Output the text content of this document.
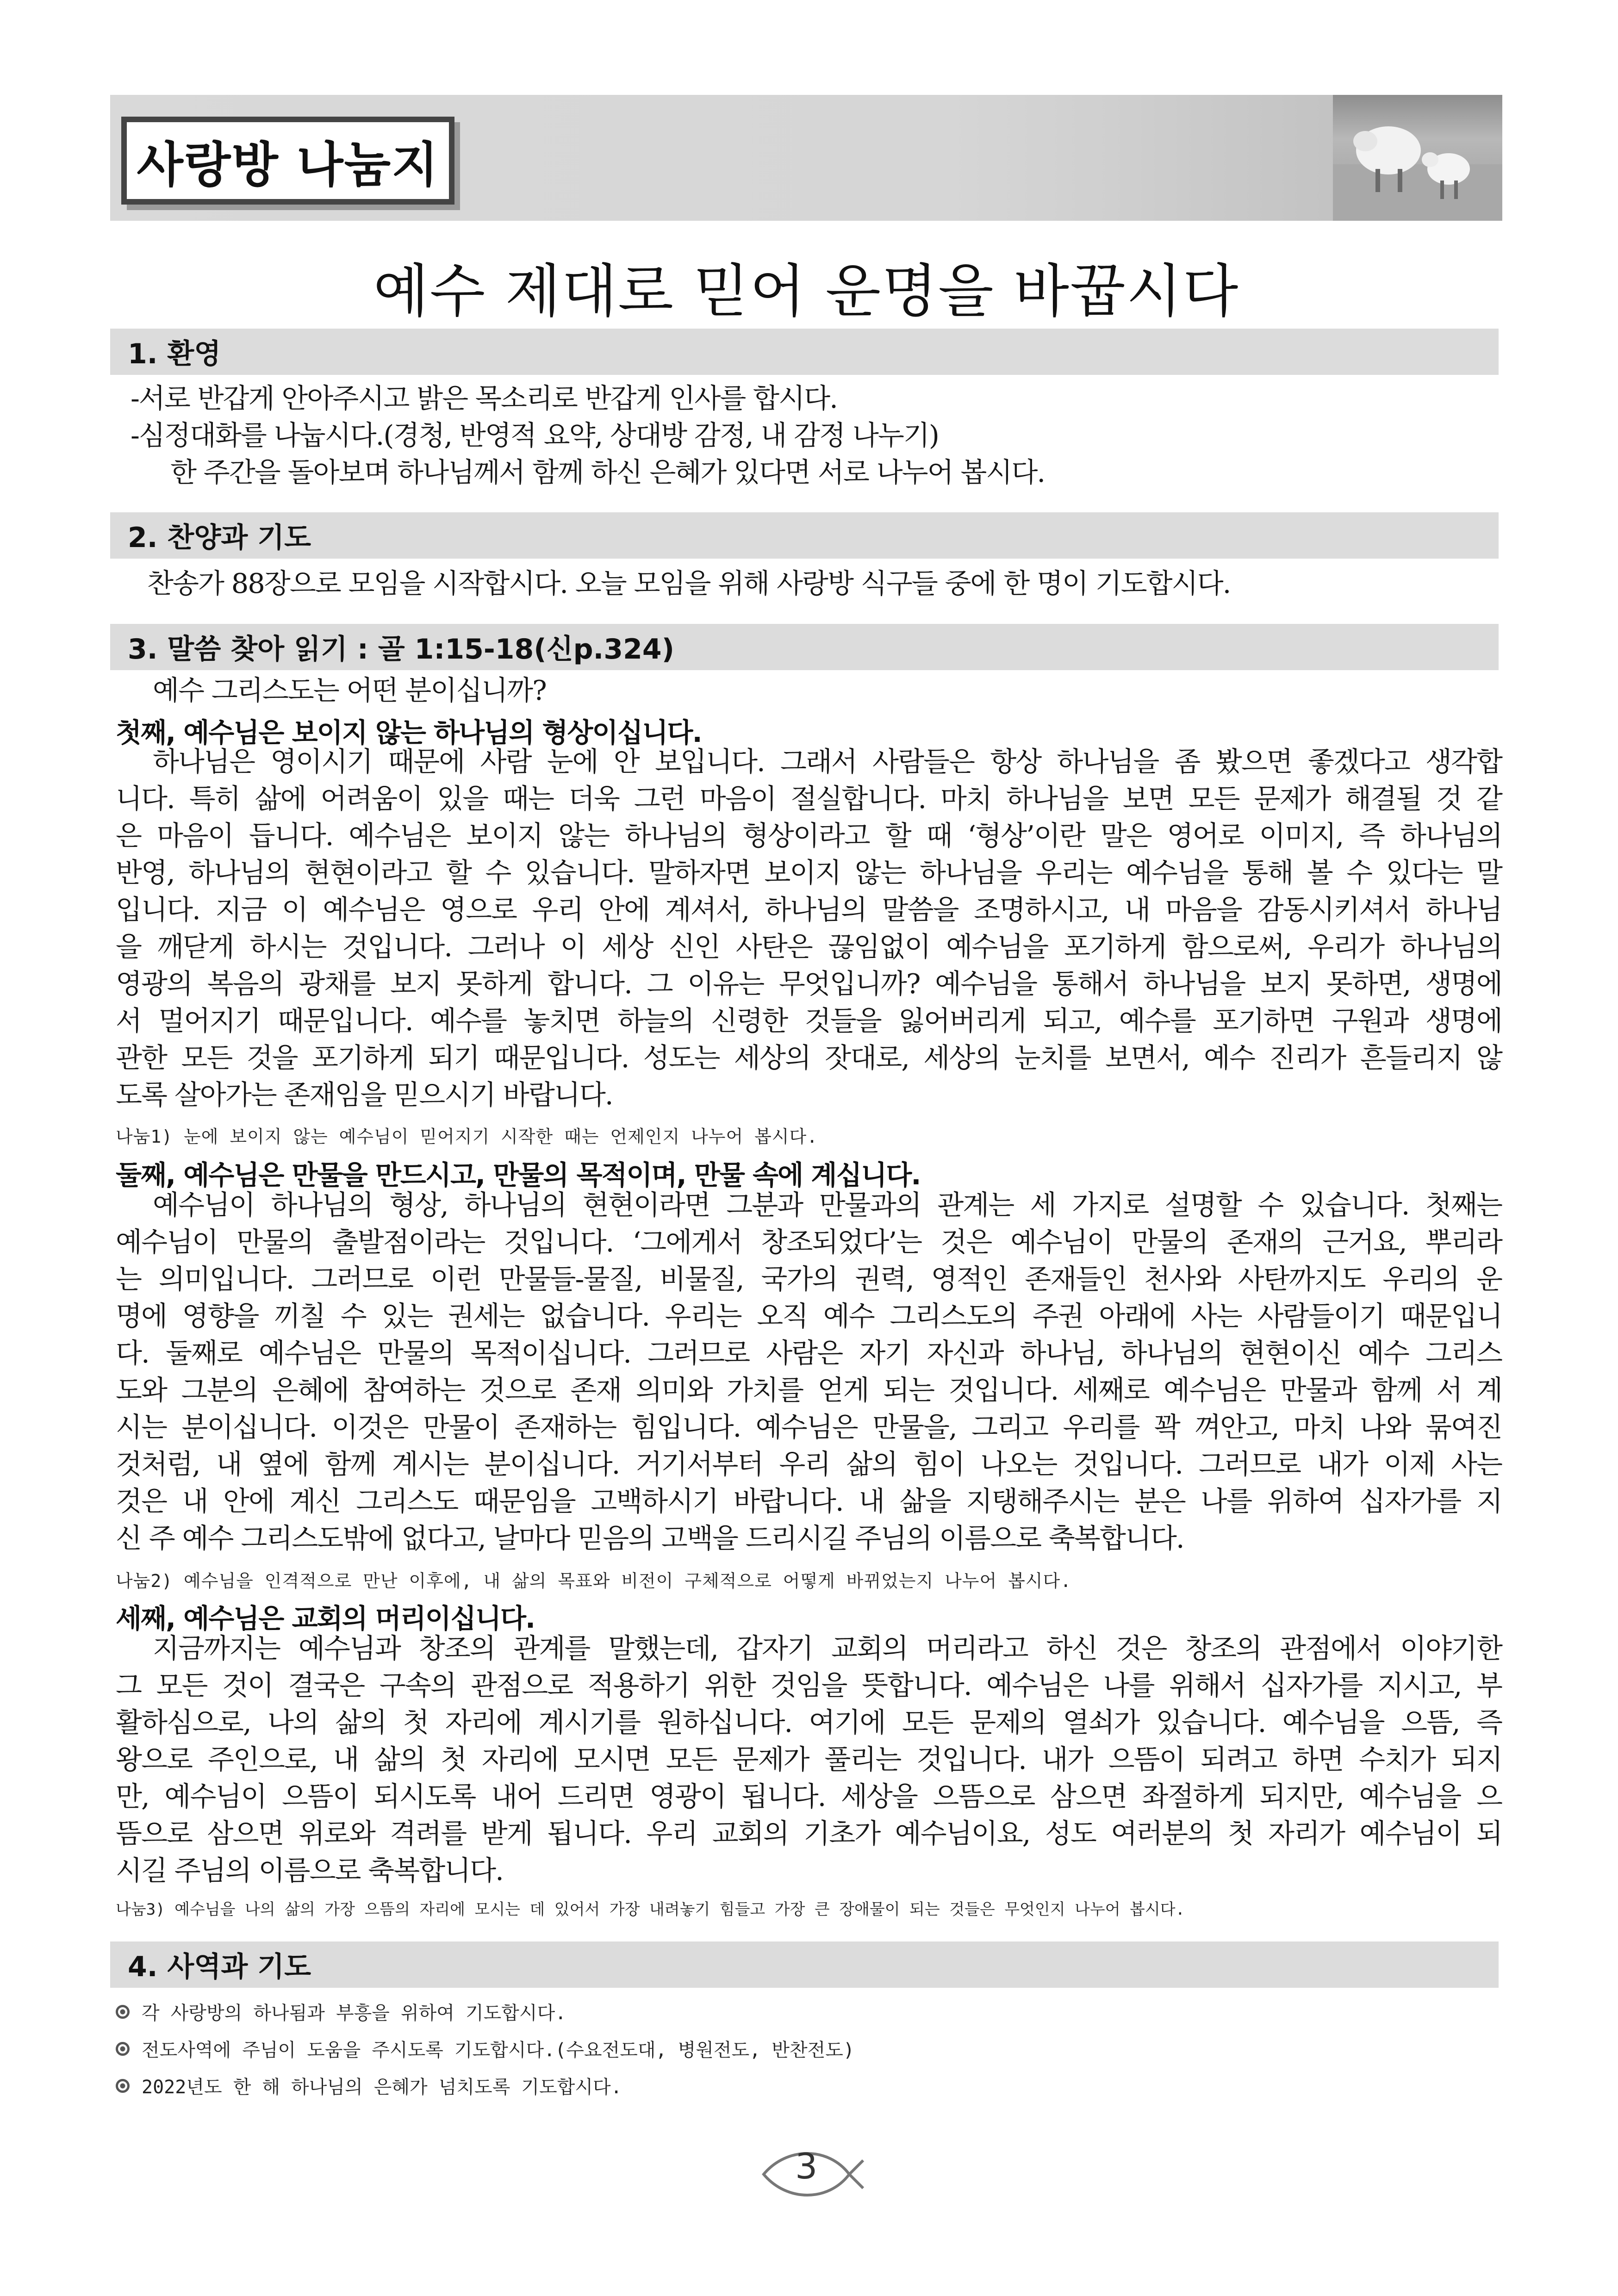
사랑방 나눔지
예수 제대로 믿어 운명을 바꿉시다
1. 환영
-서로 반갑게 안아주시고 밝은 목소리로 반갑게 인사를 합시다.
-심정대화를 나눕시다.(경청, 반영적 요약, 상대방 감정, 내 감정 나누기)
한 주간을 돌아보며 하나님께서 함께 하신 은혜가 있다면 서로 나누어 봅시다.
2. 찬양과 기도
찬송가 88장으로 모임을 시작합시다. 오늘 모임을 위해 사랑방 식구들 중에 한 명이 기도합시다.
3. 말씀 찾아 읽기 : 골 1:15-18(신p.324)
예수 그리스도는 어떤 분이십니까?
첫째, 예수님은 보이지 않는 하나님의 형상이십니다.
하나님은 영이시기 때문에 사람 눈에 안 보입니다. 그래서 사람들은 항상 하나님을 좀 봤으면 좋겠다고 생각합
니다. 특히 삶에 어려움이 있을 때는 더욱 그런 마음이 절실합니다. 마치 하나님을 보면 모든 문제가 해결될 것 같
은 마음이 듭니다. 예수님은 보이지 않는 하나님의 형상이라고 할 때 ‘형상’이란 말은 영어로 이미지, 즉 하나님의
반영, 하나님의 현현이라고 할 수 있습니다. 말하자면 보이지 않는 하나님을 우리는 예수님을 통해 볼 수 있다는 말
입니다. 지금 이 예수님은 영으로 우리 안에 계셔서, 하나님의 말씀을 조명하시고, 내 마음을 감동시키셔서 하나님
을 깨닫게 하시는 것입니다. 그러나 이 세상 신인 사탄은 끊임없이 예수님을 포기하게 함으로써, 우리가 하나님의
영광의 복음의 광채를 보지 못하게 합니다. 그 이유는 무엇입니까? 예수님을 통해서 하나님을 보지 못하면, 생명에
서 멀어지기 때문입니다. 예수를 놓치면 하늘의 신령한 것들을 잃어버리게 되고, 예수를 포기하면 구원과 생명에
관한 모든 것을 포기하게 되기 때문입니다. 성도는 세상의 잣대로, 세상의 눈치를 보면서, 예수 진리가 흔들리지 않
도록 살아가는 존재임을 믿으시기 바랍니다.
나눔1) 눈에 보이지 않는 예수님이 믿어지기 시작한 때는 언제인지 나누어 봅시다.
둘째, 예수님은 만물을 만드시고, 만물의 목적이며, 만물 속에 계십니다.
예수님이 하나님의 형상, 하나님의 현현이라면 그분과 만물과의 관계는 세 가지로 설명할 수 있습니다. 첫째는
예수님이 만물의 출발점이라는 것입니다. ‘그에게서 창조되었다’는 것은 예수님이 만물의 존재의 근거요, 뿌리라
는 의미입니다. 그러므로 이런 만물들-물질, 비물질, 국가의 권력, 영적인 존재들인 천사와 사탄까지도 우리의 운
명에 영향을 끼칠 수 있는 권세는 없습니다. 우리는 오직 예수 그리스도의 주권 아래에 사는 사람들이기 때문입니
다. 둘째로 예수님은 만물의 목적이십니다. 그러므로 사람은 자기 자신과 하나님, 하나님의 현현이신 예수 그리스
도와 그분의 은혜에 참여하는 것으로 존재 의미와 가치를 얻게 되는 것입니다. 세째로 예수님은 만물과 함께 서 계
시는 분이십니다. 이것은 만물이 존재하는 힘입니다. 예수님은 만물을, 그리고 우리를 꽉 껴안고, 마치 나와 묶여진
것처럼, 내 옆에 함께 계시는 분이십니다. 거기서부터 우리 삶의 힘이 나오는 것입니다. 그러므로 내가 이제 사는
것은 내 안에 계신 그리스도 때문임을 고백하시기 바랍니다. 내 삶을 지탱해주시는 분은 나를 위하여 십자가를 지
신 주 예수 그리스도밖에 없다고, 날마다 믿음의 고백을 드리시길 주님의 이름으로 축복합니다.
나눔2) 예수님을 인격적으로 만난 이후에, 내 삶의 목표와 비전이 구체적으로 어떻게 바뀌었는지 나누어 봅시다.
세째, 예수님은 교회의 머리이십니다.
지금까지는 예수님과 창조의 관계를 말했는데, 갑자기 교회의 머리라고 하신 것은 창조의 관점에서 이야기한
그 모든 것이 결국은 구속의 관점으로 적용하기 위한 것임을 뜻합니다. 예수님은 나를 위해서 십자가를 지시고, 부
활하심으로, 나의 삶의 첫 자리에 계시기를 원하십니다. 여기에 모든 문제의 열쇠가 있습니다. 예수님을 으뜸, 즉
왕으로 주인으로, 내 삶의 첫 자리에 모시면 모든 문제가 풀리는 것입니다. 내가 으뜸이 되려고 하면 수치가 되지
만, 예수님이 으뜸이 되시도록 내어 드리면 영광이 됩니다. 세상을 으뜸으로 삼으면 좌절하게 되지만, 예수님을 으
뜸으로 삼으면 위로와 격려를 받게 됩니다. 우리 교회의 기초가 예수님이요, 성도 여러분의 첫 자리가 예수님이 되
시길 주님의 이름으로 축복합니다.
나눔3) 예수님을 나의 삶의 가장 으뜸의 자리에 모시는 데 있어서 가장 내려놓기 힘들고 가장 큰 장애물이 되는 것들은 무엇인지 나누어 봅시다.
4. 사역과 기도
각 사랑방의 하나됨과 부흥을 위하여 기도합시다.
전도사역에 주님이 도움을 주시도록 기도합시다.(수요전도대, 병원전도, 반찬전도)
2022년도 한 해 하나님의 은혜가 넘치도록 기도합시다.
3
